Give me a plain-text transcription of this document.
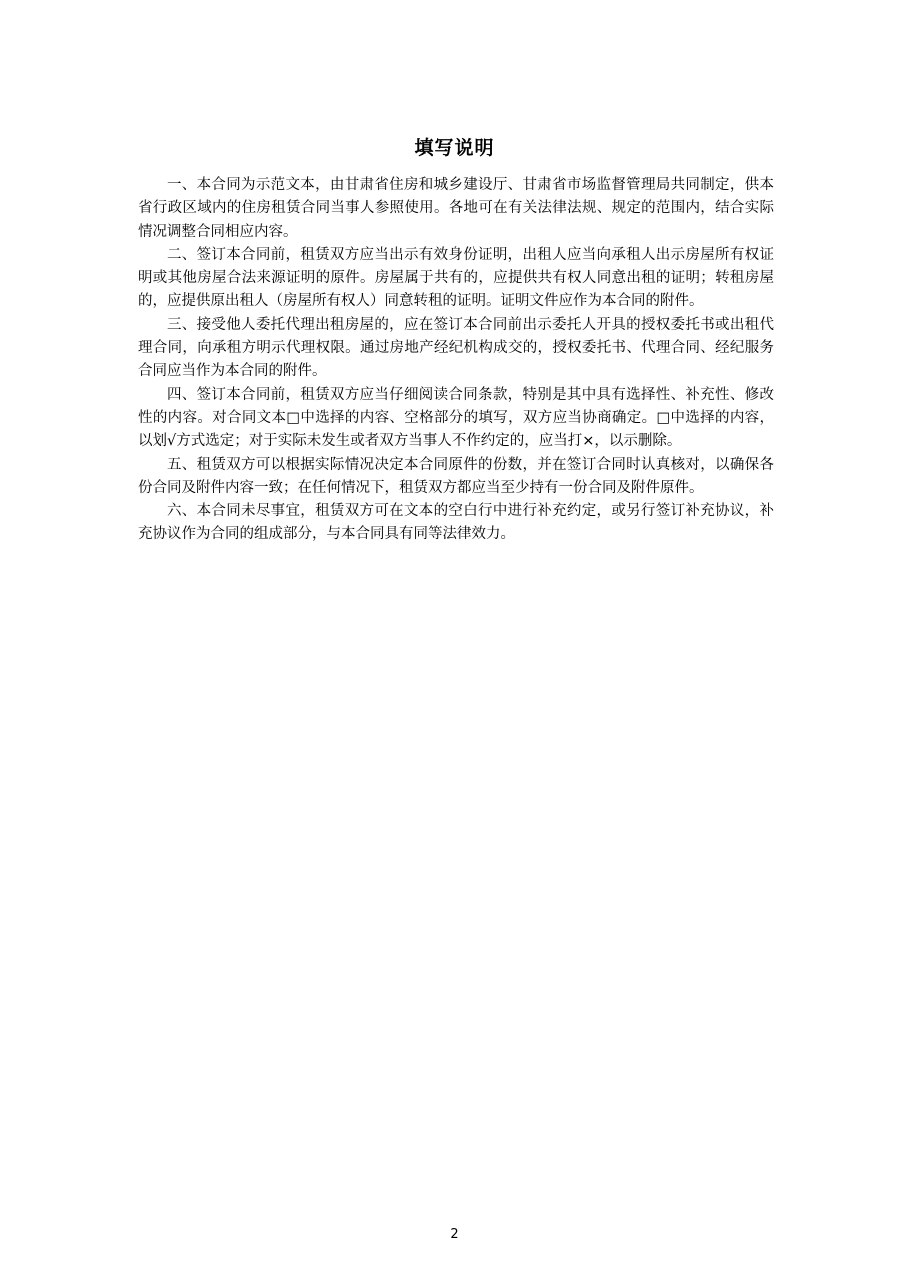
填写说明

一、本合同为示范文本，由甘肃省住房和城乡建设厅、甘肃省市场监督管理局共同制定，供本省行政区域内的住房租赁合同当事人参照使用。各地可在有关法律法规、规定的范围内，结合实际情况调整合同相应内容。

二、签订本合同前，租赁双方应当出示有效身份证明，出租人应当向承租人出示房屋所有权证明或其他房屋合法来源证明的原件。房屋属于共有的，应提供共有权人同意出租的证明；转租房屋的，应提供原出租人（房屋所有权人）同意转租的证明。证明文件应作为本合同的附件。

三、接受他人委托代理出租房屋的，应在签订本合同前出示委托人开具的授权委托书或出租代理合同，向承租方明示代理权限。通过房地产经纪机构成交的，授权委托书、代理合同、经纪服务合同应当作为本合同的附件。

四、签订本合同前，租赁双方应当仔细阅读合同条款，特别是其中具有选择性、补充性、修改性的内容。对合同文本□中选择的内容、空格部分的填写，双方应当协商确定。□中选择的内容，以划√方式选定；对于实际未发生或者双方当事人不作约定的，应当打×，以示删除。

五、租赁双方可以根据实际情况决定本合同原件的份数，并在签订合同时认真核对，以确保各份合同及附件内容一致；在任何情况下，租赁双方都应当至少持有一份合同及附件原件。

六、本合同未尽事宜，租赁双方可在文本的空白行中进行补充约定，或另行签订补充协议，补充协议作为合同的组成部分，与本合同具有同等法律效力。

2
